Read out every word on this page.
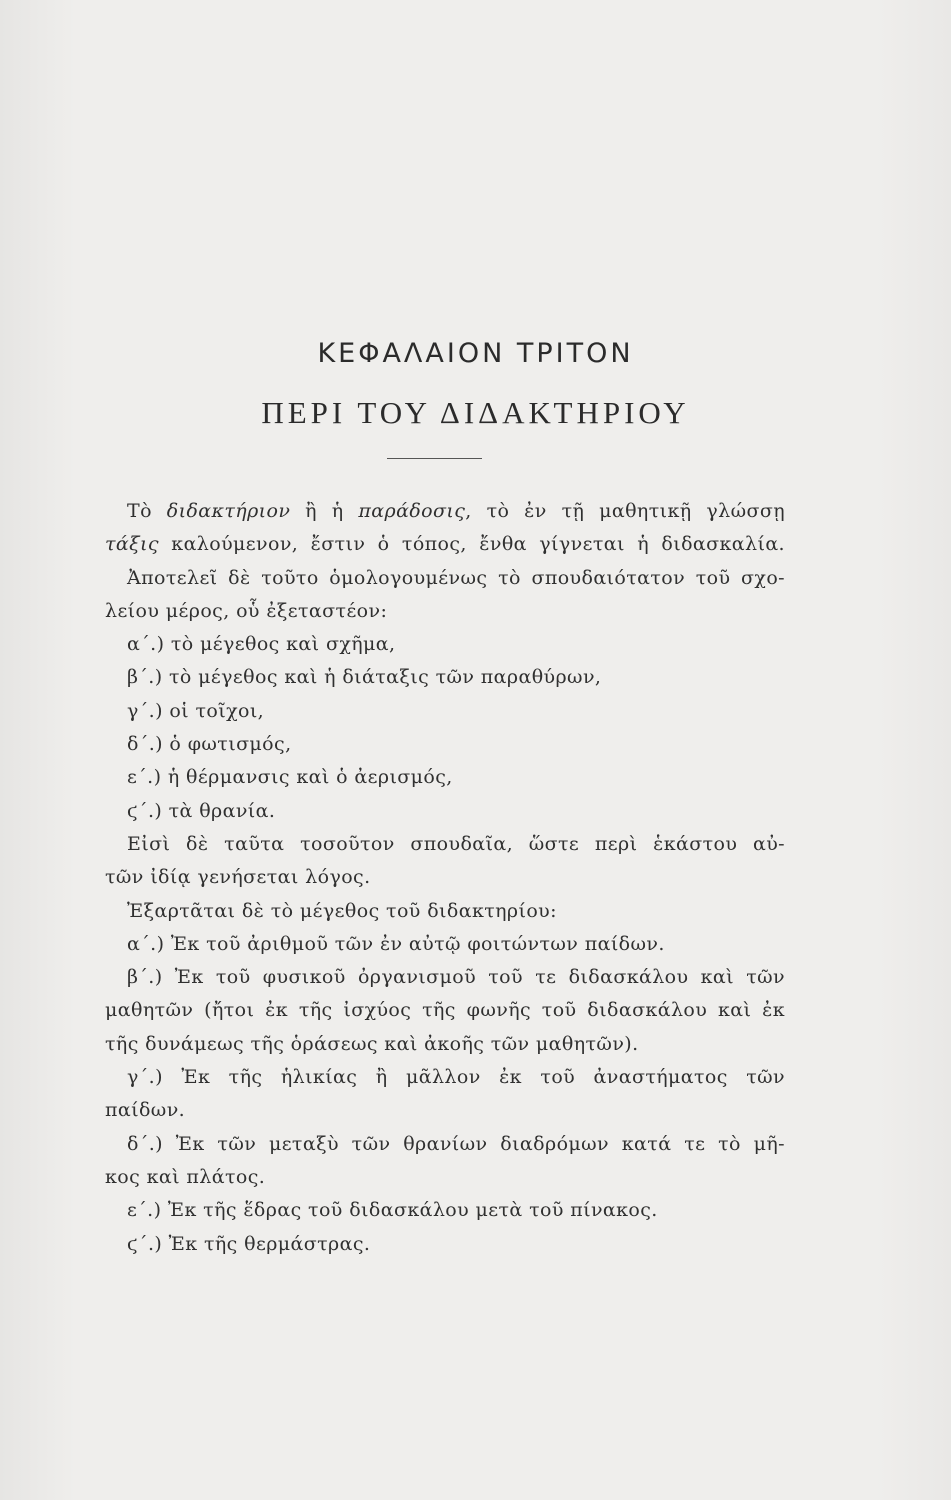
ΚΕΦΑΛΑΙΟΝ ΤΡΙΤΟΝ
ΠΕΡΙ ΤΟΥ ΔΙΔΑΚΤΗΡΙΟΥ
Τὸ διδακτήριον ἢ ἡ παράδοσις, τὸ ἐν τῇ μαθητικῇ γλώσσῃ
τάξις καλούμενον, ἔστιν ὁ τόπος, ἔνθα γίγνεται ἡ διδασκαλία.
Ἀποτελεῖ δὲ τοῦτο ὁμολογουμένως τὸ σπουδαιότατον τοῦ σχο-
λείου μέρος, οὗ ἐξεταστέον:
α΄.) τὸ μέγεθος καὶ σχῆμα,
β΄.) τὸ μέγεθος καὶ ἡ διάταξις τῶν παραθύρων,
γ΄.) οἱ τοῖχοι,
δ΄.) ὁ φωτισμός,
ε΄.) ἡ θέρμανσις καὶ ὁ ἀερισμός,
ϛ΄.) τὰ θρανία.
Εἰσὶ δὲ ταῦτα τοσοῦτον σπουδαῖα, ὥστε περὶ ἑκάστου αὐ-
τῶν ἰδίᾳ γενήσεται λόγος.
Ἐξαρτᾶται δὲ τὸ μέγεθος τοῦ διδακτηρίου:
α΄.) Ἐκ τοῦ ἀριθμοῦ τῶν ἐν αὐτῷ φοιτώντων παίδων.
β΄.) Ἐκ τοῦ φυσικοῦ ὀργανισμοῦ τοῦ τε διδασκάλου καὶ τῶν
μαθητῶν (ἤτοι ἐκ τῆς ἰσχύος τῆς φωνῆς τοῦ διδασκάλου καὶ ἐκ
τῆς δυνάμεως τῆς ὁράσεως καὶ ἀκοῆς τῶν μαθητῶν).
γ΄.) Ἐκ τῆς ἡλικίας ἢ μᾶλλον ἐκ τοῦ ἀναστήματος τῶν
παίδων.
δ΄.) Ἐκ τῶν μεταξὺ τῶν θρανίων διαδρόμων κατά τε τὸ μῆ-
κος καὶ πλάτος.
ε΄.) Ἐκ τῆς ἕδρας τοῦ διδασκάλου μετὰ τοῦ πίνακος.
ϛ΄.) Ἐκ τῆς θερμάστρας.
